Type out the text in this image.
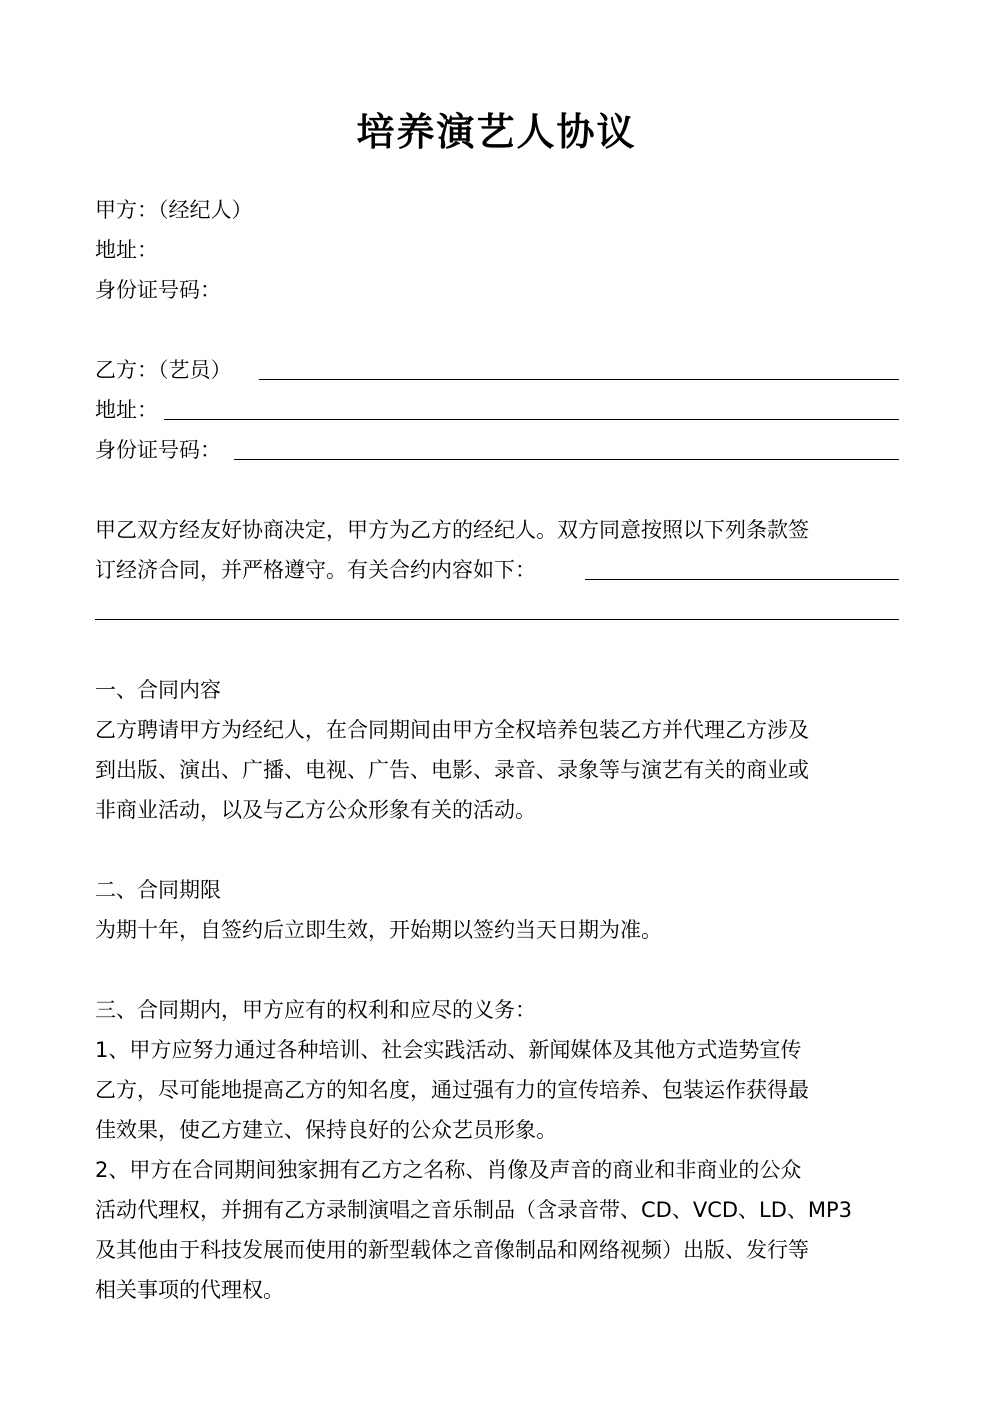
培养演艺人协议
甲方：（经纪人）
地址：
身份证号码：
乙方：（艺员）
地址：
身份证号码：
甲乙双方经友好协商决定，甲方为乙方的经纪人。双方同意按照以下列条款签
订经济合同，并严格遵守。有关合约内容如下：
一、合同内容
乙方聘请甲方为经纪人，在合同期间由甲方全权培养包装乙方并代理乙方涉及
到出版、演出、广播、电视、广告、电影、录音、录象等与演艺有关的商业或
非商业活动，以及与乙方公众形象有关的活动。
二、合同期限
为期十年，自签约后立即生效，开始期以签约当天日期为准。
三、合同期内，甲方应有的权利和应尽的义务：
1、甲方应努力通过各种培训、社会实践活动、新闻媒体及其他方式造势宣传
乙方，尽可能地提高乙方的知名度，通过强有力的宣传培养、包装运作获得最
佳效果，使乙方建立、保持良好的公众艺员形象。
2、甲方在合同期间独家拥有乙方之名称、肖像及声音的商业和非商业的公众
活动代理权，并拥有乙方录制演唱之音乐制品（含录音带、CD、VCD、LD、MP3
及其他由于科技发展而使用的新型载体之音像制品和网络视频）出版、发行等
相关事项的代理权。
